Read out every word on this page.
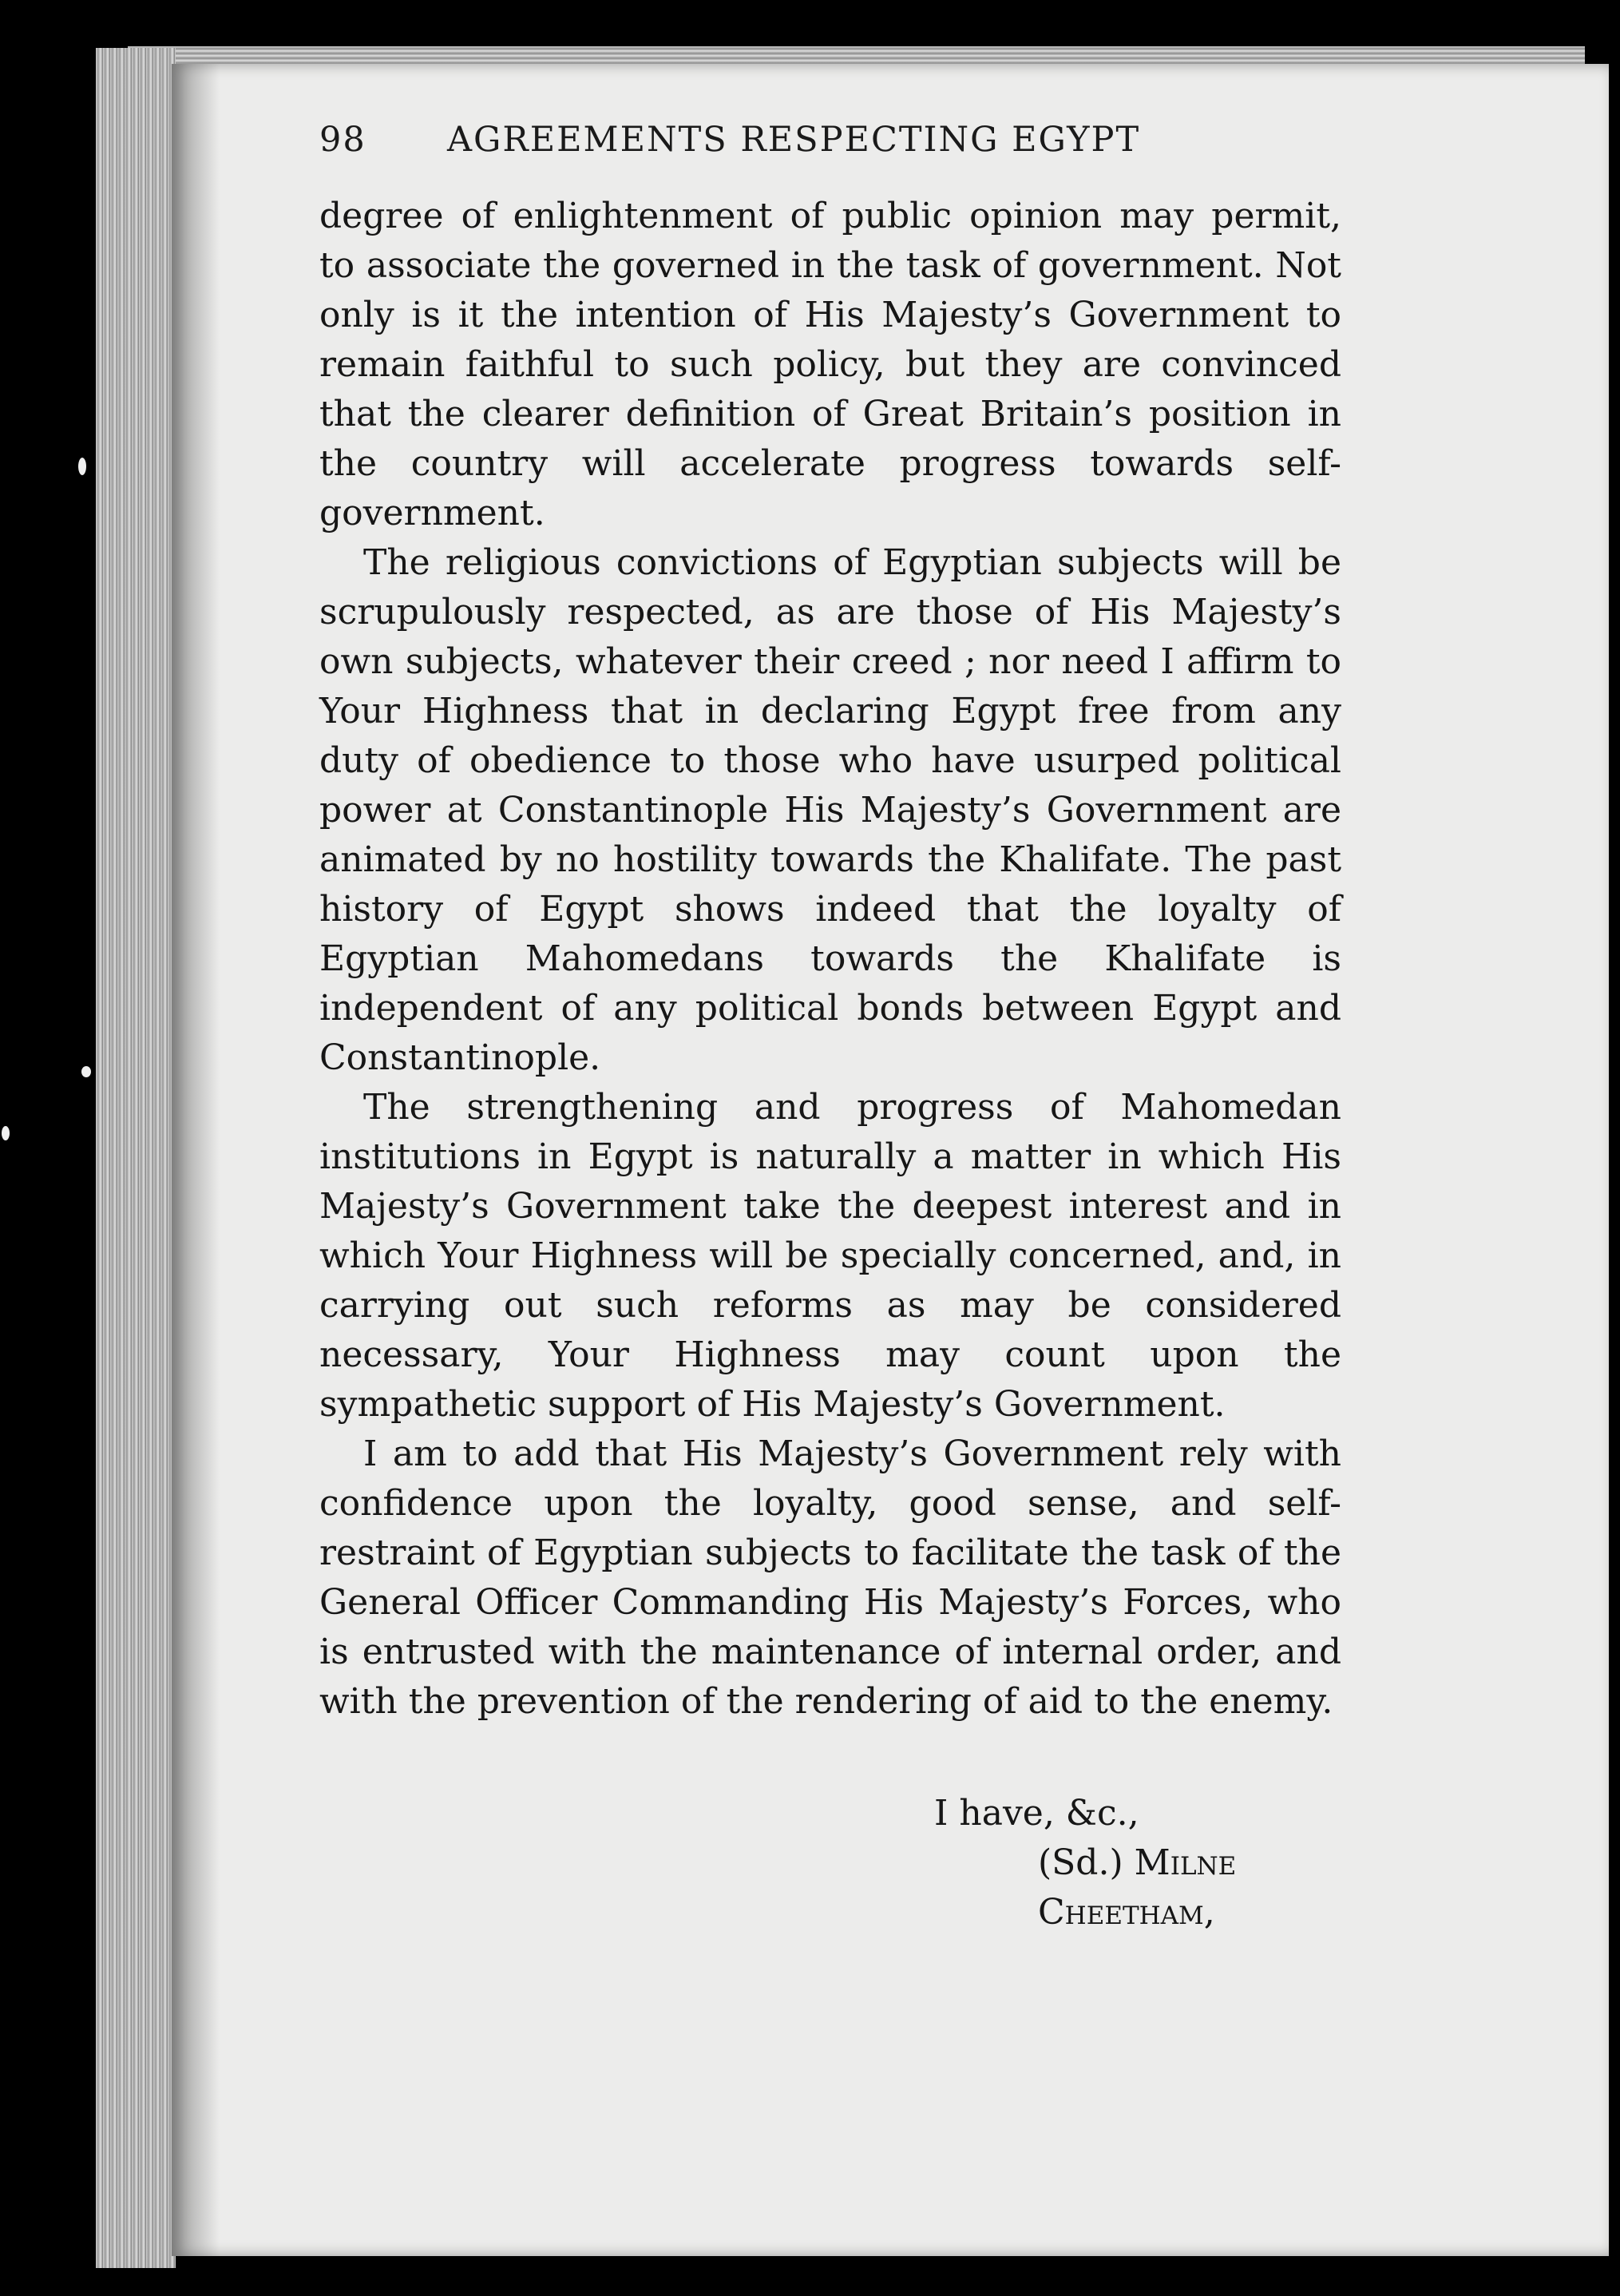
98 AGREEMENTS RESPECTING EGYPT

degree of enlightenment of public opinion may permit, to associate the governed in the task of government. Not only is it the intention of His Majesty’s Government to remain faithful to such policy, but they are convinced that the clearer definition of Great Britain’s position in the country will accelerate progress towards self-government.

The religious convictions of Egyptian subjects will be scrupulously respected, as are those of His Majesty’s own subjects, whatever their creed ; nor need I affirm to Your Highness that in declaring Egypt free from any duty of obedience to those who have usurped political power at Constantinople His Majesty’s Government are animated by no hostility towards the Khalifate. The past history of Egypt shows indeed that the loyalty of Egyptian Mahomedans towards the Khalifate is independent of any political bonds between Egypt and Constantinople.

The strengthening and progress of Mahomedan institutions in Egypt is naturally a matter in which His Majesty’s Government take the deepest interest and in which Your Highness will be specially concerned, and, in carrying out such reforms as may be considered necessary, Your Highness may count upon the sympathetic support of His Majesty’s Government.

I am to add that His Majesty’s Government rely with confidence upon the loyalty, good sense, and self-restraint of Egyptian subjects to facilitate the task of the General Officer Commanding His Majesty’s Forces, who is entrusted with the maintenance of internal order, and with the prevention of the rendering of aid to the enemy.

I have, &c.,
(Sd.) Milne Cheetham,
